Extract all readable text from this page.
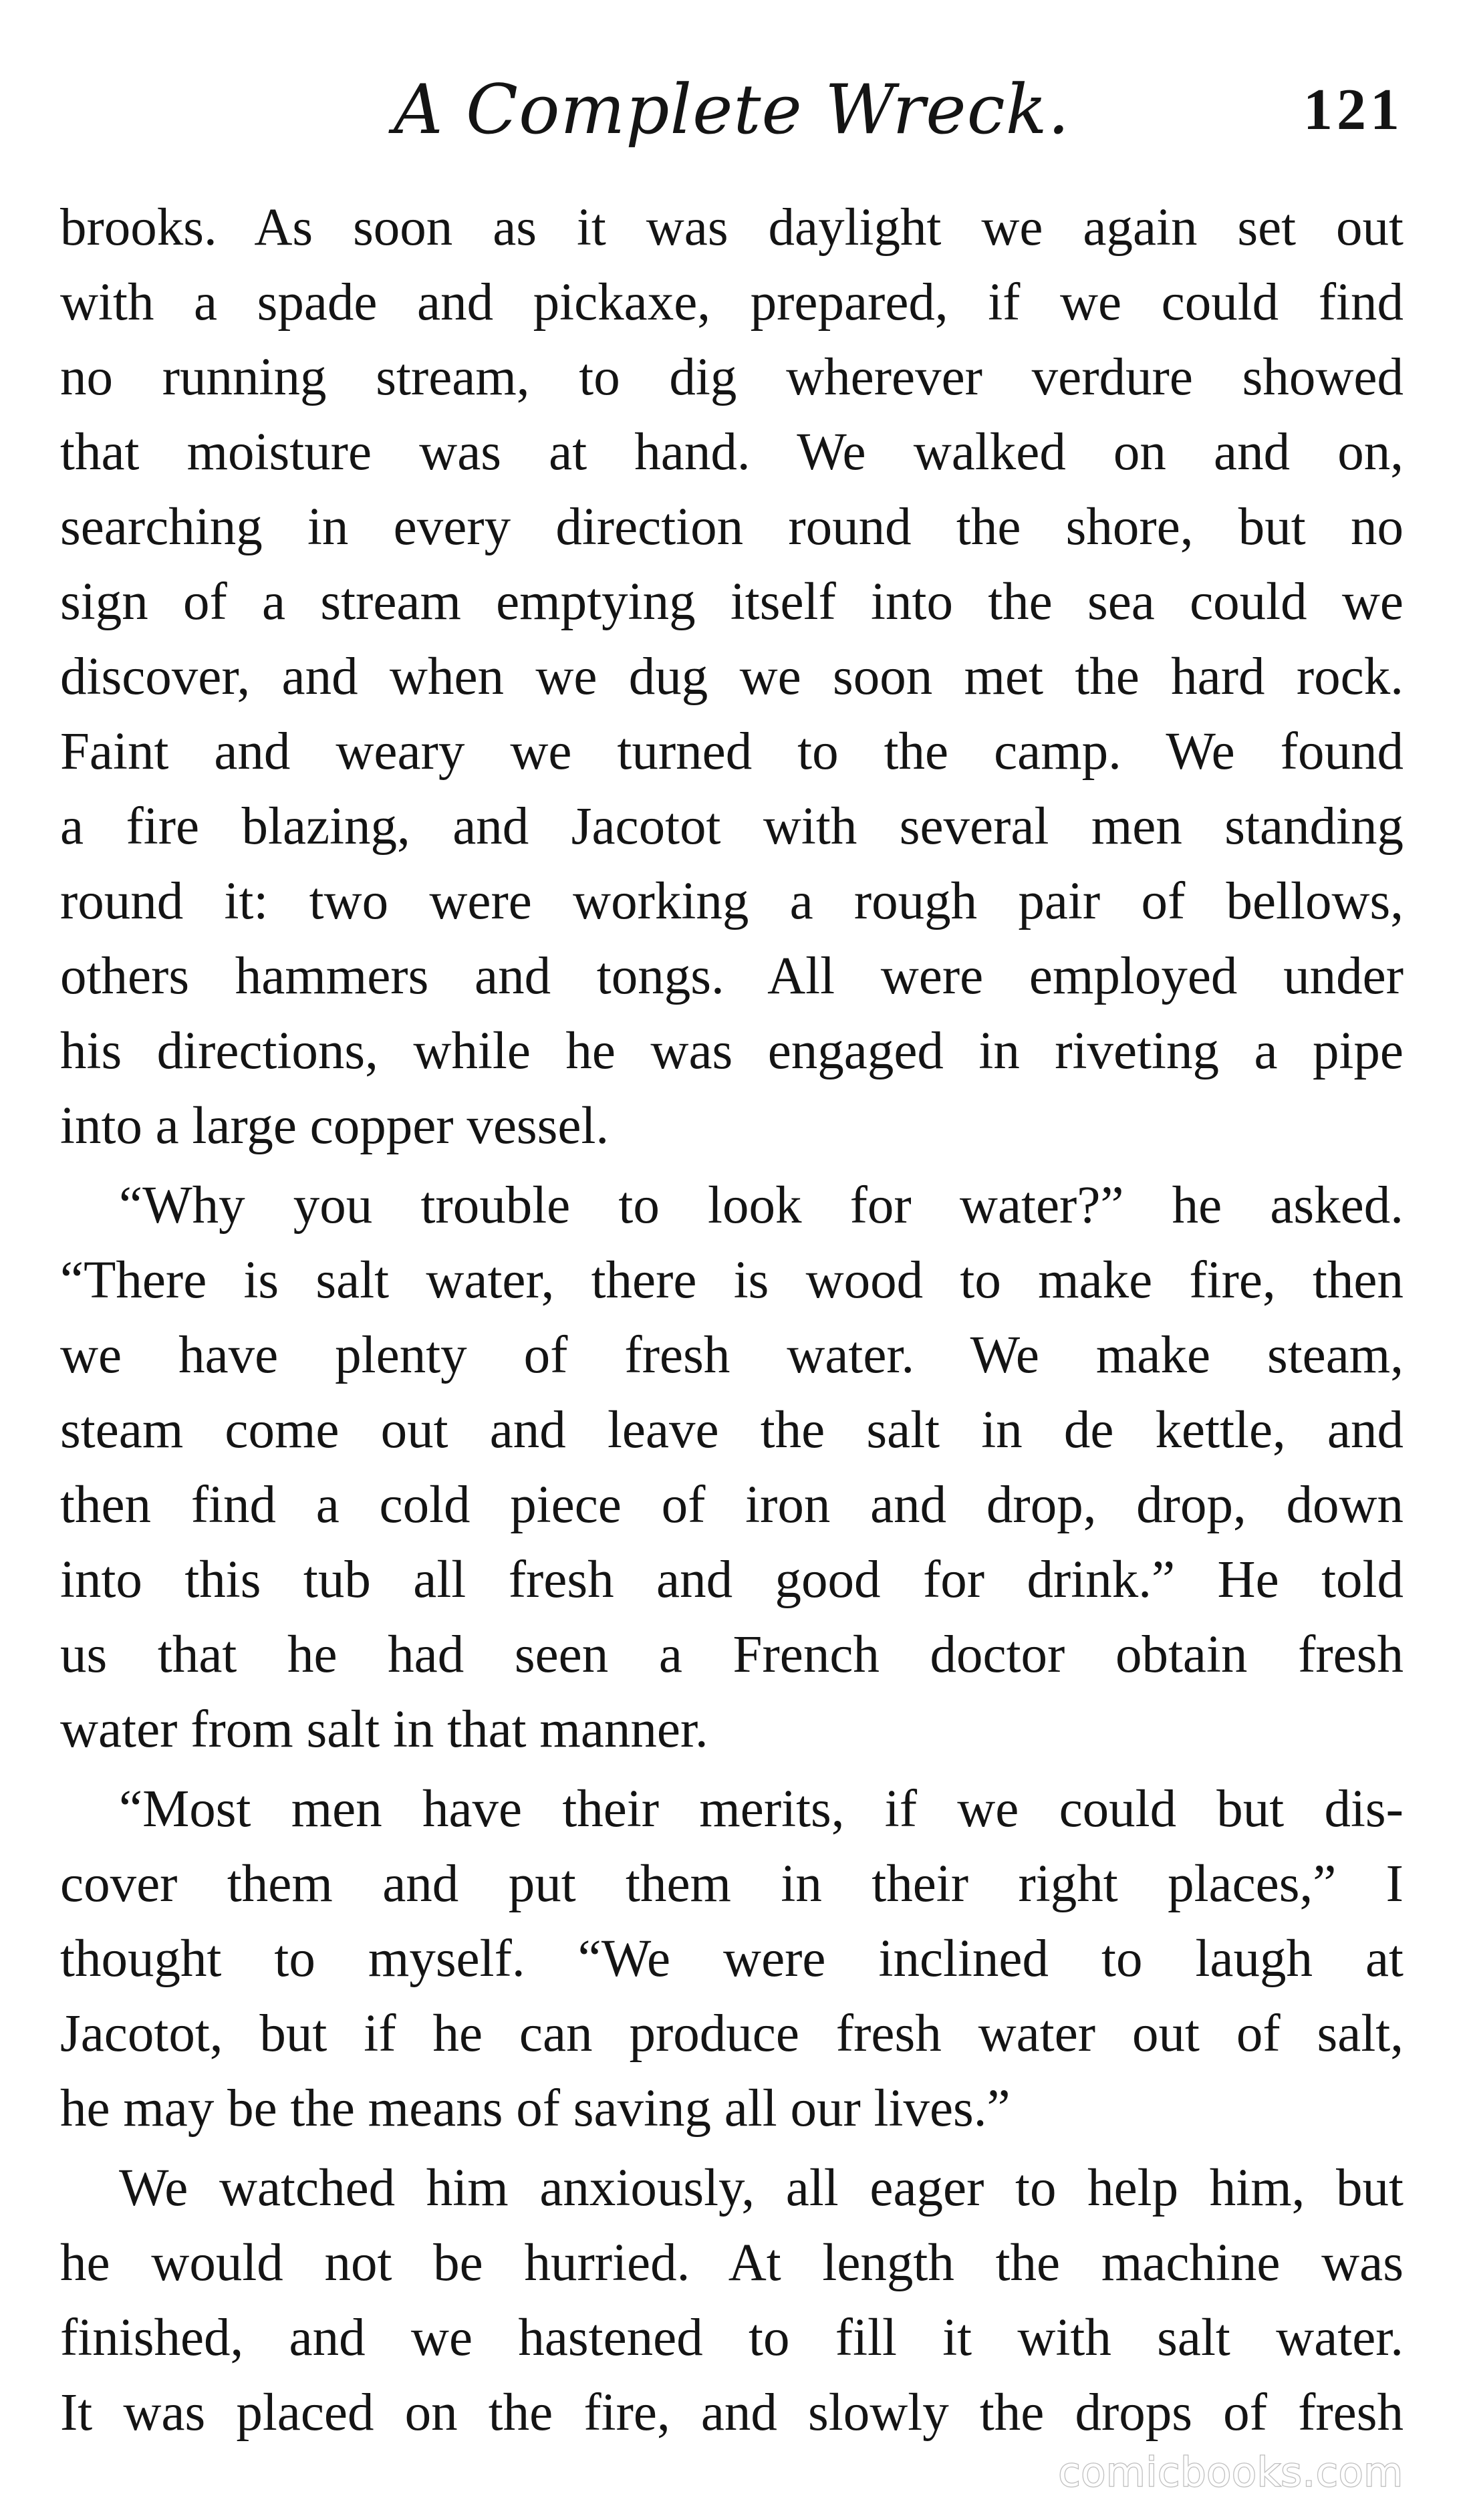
A Complete Wreck.	121
brooks. As soon as it was daylight we again set out
with a spade and pickaxe, prepared, if we could find
no running stream, to dig wherever verdure showed
that moisture was at hand. We walked on and on,
searching in every direction round the shore, but no
sign of a stream emptying itself into the sea could we
discover, and when we dug we soon met the hard rock.
Faint and weary we turned to the camp. We found
a fire blazing, and Jacotot with several men standing
round it: two were working a rough pair of bellows,
others hammers and tongs. All were employed under
his directions, while he was engaged in riveting a pipe
into a large copper vessel.
“Why you trouble to look for water?” he asked.
“There is salt water, there is wood to make fire, then
we have plenty of fresh water. We make steam,
steam come out and leave the salt in de kettle, and
then find a cold piece of iron and drop, drop, down
into this tub all fresh and good for drink.” He told
us that he had seen a French doctor obtain fresh
water from salt in that manner.
“Most men have their merits, if we could but dis-
cover them and put them in their right places,” I
thought to myself. “We were inclined to laugh at
Jacotot, but if he can produce fresh water out of salt,
he may be the means of saving all our lives.”
We watched him anxiously, all eager to help him, but
he would not be hurried. At length the machine was
finished, and we hastened to fill it with salt water.
It was placed on the fire, and slowly the drops of fresh
comicbooks.com
